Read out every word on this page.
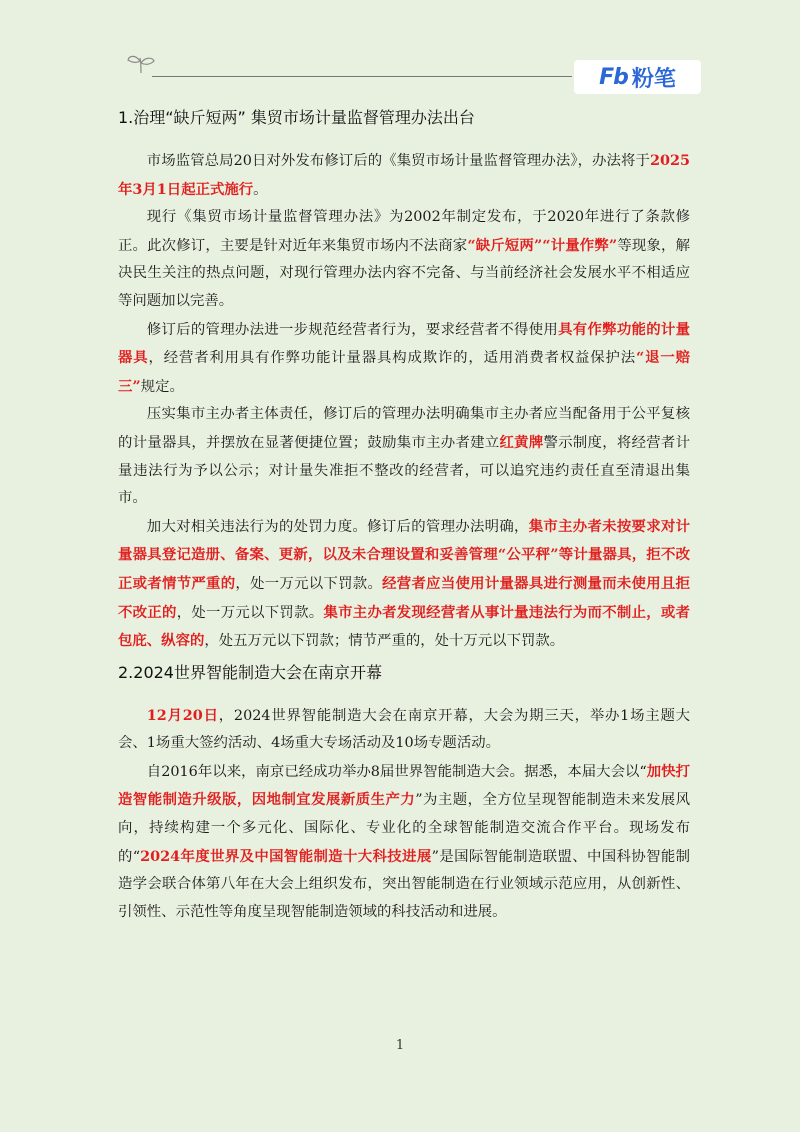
Fb 粉笔
1.治理“缺斤短两” 集贸市场计量监督管理办法出台

市场监管总局20日对外发布修订后的《集贸市场计量监督管理办法》，办法将于2025年3月1日起正式施行。

现行《集贸市场计量监督管理办法》为2002年制定发布，于2020年进行了条款修正。此次修订，主要是针对近年来集贸市场内不法商家“缺斤短两”“计量作弊”等现象，解决民生关注的热点问题，对现行管理办法内容不完备、与当前经济社会发展水平不相适应等问题加以完善。

修订后的管理办法进一步规范经营者行为，要求经营者不得使用具有作弊功能的计量器具，经营者利用具有作弊功能计量器具构成欺诈的，适用消费者权益保护法“退一赔三”规定。

压实集市主办者主体责任，修订后的管理办法明确集市主办者应当配备用于公平复核的计量器具，并摆放在显著便捷位置；鼓励集市主办者建立红黄牌警示制度，将经营者计量违法行为予以公示；对计量失准拒不整改的经营者，可以追究违约责任直至清退出集市。

加大对相关违法行为的处罚力度。修订后的管理办法明确，集市主办者未按要求对计量器具登记造册、备案、更新，以及未合理设置和妥善管理“公平秤”等计量器具，拒不改正或者情节严重的，处一万元以下罚款。经营者应当使用计量器具进行测量而未使用且拒不改正的，处一万元以下罚款。集市主办者发现经营者从事计量违法行为而不制止，或者包庇、纵容的，处五万元以下罚款；情节严重的，处十万元以下罚款。

2.2024世界智能制造大会在南京开幕

12月20日，2024世界智能制造大会在南京开幕，大会为期三天，举办1场主题大会、1场重大签约活动、4场重大专场活动及10场专题活动。

自2016年以来，南京已经成功举办8届世界智能制造大会。据悉，本届大会以“加快打造智能制造升级版，因地制宜发展新质生产力”为主题，全方位呈现智能制造未来发展风向，持续构建一个多元化、国际化、专业化的全球智能制造交流合作平台。现场发布的“2024年度世界及中国智能制造十大科技进展”是国际智能制造联盟、中国科协智能制造学会联合体第八年在大会上组织发布，突出智能制造在行业领域示范应用，从创新性、引领性、示范性等角度呈现智能制造领域的科技活动和进展。

1
